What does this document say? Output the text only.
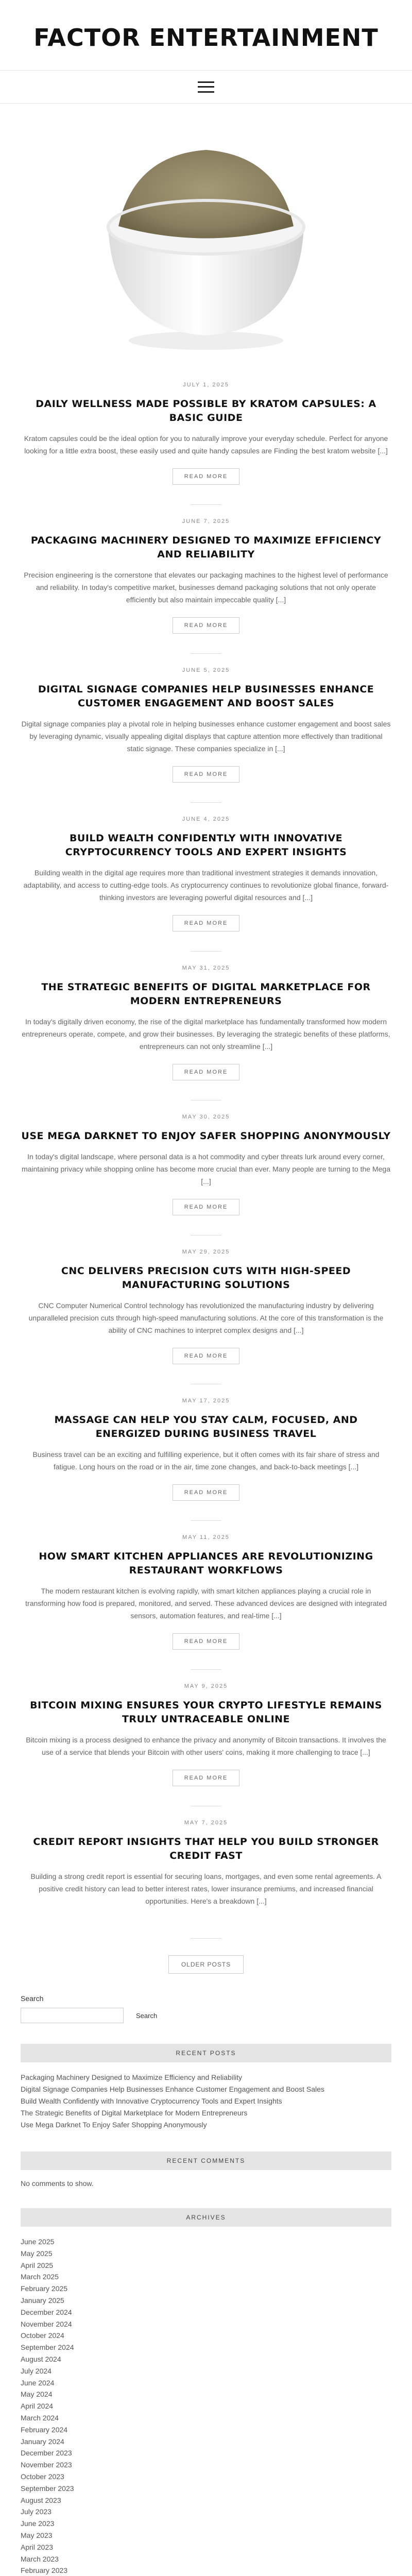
FACTOR ENTERTAINMENT
JULY 1, 2025
DAILY WELLNESS MADE POSSIBLE BY KRATOM CAPSULES: A BASIC GUIDE

Kratom capsules could be the ideal option for you to naturally improve your everyday schedule. Perfect for anyone looking for a little extra boost, these easily used and quite handy capsules are Finding the best kratom website [...]

READ MORE
JUNE 7, 2025
PACKAGING MACHINERY DESIGNED TO MAXIMIZE EFFICIENCY AND RELIABILITY

Precision engineering is the cornerstone that elevates our packaging machines to the highest level of performance and reliability. In today's competitive market, businesses demand packaging solutions that not only operate efficiently but also maintain impeccable quality [...]

READ MORE
JUNE 5, 2025
DIGITAL SIGNAGE COMPANIES HELP BUSINESSES ENHANCE CUSTOMER ENGAGEMENT AND BOOST SALES

Digital signage companies play a pivotal role in helping businesses enhance customer engagement and boost sales by leveraging dynamic, visually appealing digital displays that capture attention more effectively than traditional static signage. These companies specialize in [...]

READ MORE
JUNE 4, 2025
BUILD WEALTH CONFIDENTLY WITH INNOVATIVE CRYPTOCURRENCY TOOLS AND EXPERT INSIGHTS

Building wealth in the digital age requires more than traditional investment strategies it demands innovation, adaptability, and access to cutting-edge tools. As cryptocurrency continues to revolutionize global finance, forward-thinking investors are leveraging powerful digital resources and [...]

READ MORE
MAY 31, 2025
THE STRATEGIC BENEFITS OF DIGITAL MARKETPLACE FOR MODERN ENTREPRENEURS

In today's digitally driven economy, the rise of the digital marketplace has fundamentally transformed how modern entrepreneurs operate, compete, and grow their businesses. By leveraging the strategic benefits of these platforms, entrepreneurs can not only streamline [...]

READ MORE
MAY 30, 2025
USE MEGA DARKNET TO ENJOY SAFER SHOPPING ANONYMOUSLY

In today's digital landscape, where personal data is a hot commodity and cyber threats lurk around every corner, maintaining privacy while shopping online has become more crucial than ever. Many people are turning to the Mega [...]

READ MORE
MAY 29, 2025
CNC DELIVERS PRECISION CUTS WITH HIGH-SPEED MANUFACTURING SOLUTIONS

CNC Computer Numerical Control technology has revolutionized the manufacturing industry by delivering unparalleled precision cuts through high-speed manufacturing solutions. At the core of this transformation is the ability of CNC machines to interpret complex designs and [...]

READ MORE
MAY 17, 2025
MASSAGE CAN HELP YOU STAY CALM, FOCUSED, AND ENERGIZED DURING BUSINESS TRAVEL

Business travel can be an exciting and fulfilling experience, but it often comes with its fair share of stress and fatigue. Long hours on the road or in the air, time zone changes, and back-to-back meetings [...]

READ MORE
MAY 11, 2025
HOW SMART KITCHEN APPLIANCES ARE REVOLUTIONIZING RESTAURANT WORKFLOWS

The modern restaurant kitchen is evolving rapidly, with smart kitchen appliances playing a crucial role in transforming how food is prepared, monitored, and served. These advanced devices are designed with integrated sensors, automation features, and real-time [...]

READ MORE
MAY 9, 2025
BITCOIN MIXING ENSURES YOUR CRYPTO LIFESTYLE REMAINS TRULY UNTRACEABLE ONLINE

Bitcoin mixing is a process designed to enhance the privacy and anonymity of Bitcoin transactions. It involves the use of a service that blends your Bitcoin with other users' coins, making it more challenging to trace [...]

READ MORE
MAY 7, 2025
CREDIT REPORT INSIGHTS THAT HELP YOU BUILD STRONGER CREDIT FAST

Building a strong credit report is essential for securing loans, mortgages, and even some rental agreements. A positive credit history can lead to better interest rates, lower insurance premiums, and increased financial opportunities. Here's a breakdown [...]

OLDER POSTS
Search
Search
RECENT POSTS
Packaging Machinery Designed to Maximize Efficiency and Reliability
Digital Signage Companies Help Businesses Enhance Customer Engagement and Boost Sales
Build Wealth Confidently with Innovative Cryptocurrency Tools and Expert Insights
The Strategic Benefits of Digital Marketplace for Modern Entrepreneurs
Use Mega Darknet To Enjoy Safer Shopping Anonymously
RECENT COMMENTS

No comments to show.

ARCHIVES
June 2025
May 2025
April 2025
March 2025
February 2025
January 2025
December 2024
November 2024
October 2024
September 2024
August 2024
July 2024
June 2024
May 2024
April 2024
March 2024
February 2024
January 2024
December 2023
November 2023
October 2023
September 2023
August 2023
July 2023
June 2023
May 2023
April 2023
March 2023
February 2023
